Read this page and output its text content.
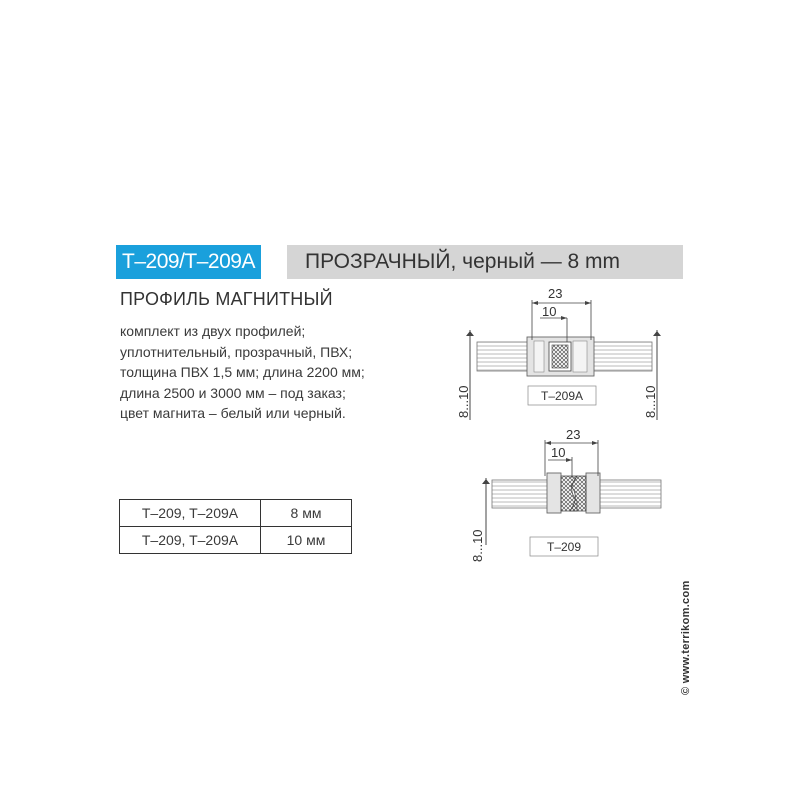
T–209/T–209A	ПРОЗРАЧНЫЙ, черный — 8 mm
ПРОФИЛЬ МАГНИТНЫЙ
комплект из двух профилей;
уплотнительный, прозрачный, ПВХ;
толщина ПВХ 1,5 мм; длина 2200 мм;
длина 2500 и 3000 мм – под заказ;
цвет магнита – белый или черный.
T–209, T–209A	8 мм
T–209, T–209A	10 мм
23
10
8...10	8...10
T–209A
23
10
8...10	T–209
© www.terrikom.com
